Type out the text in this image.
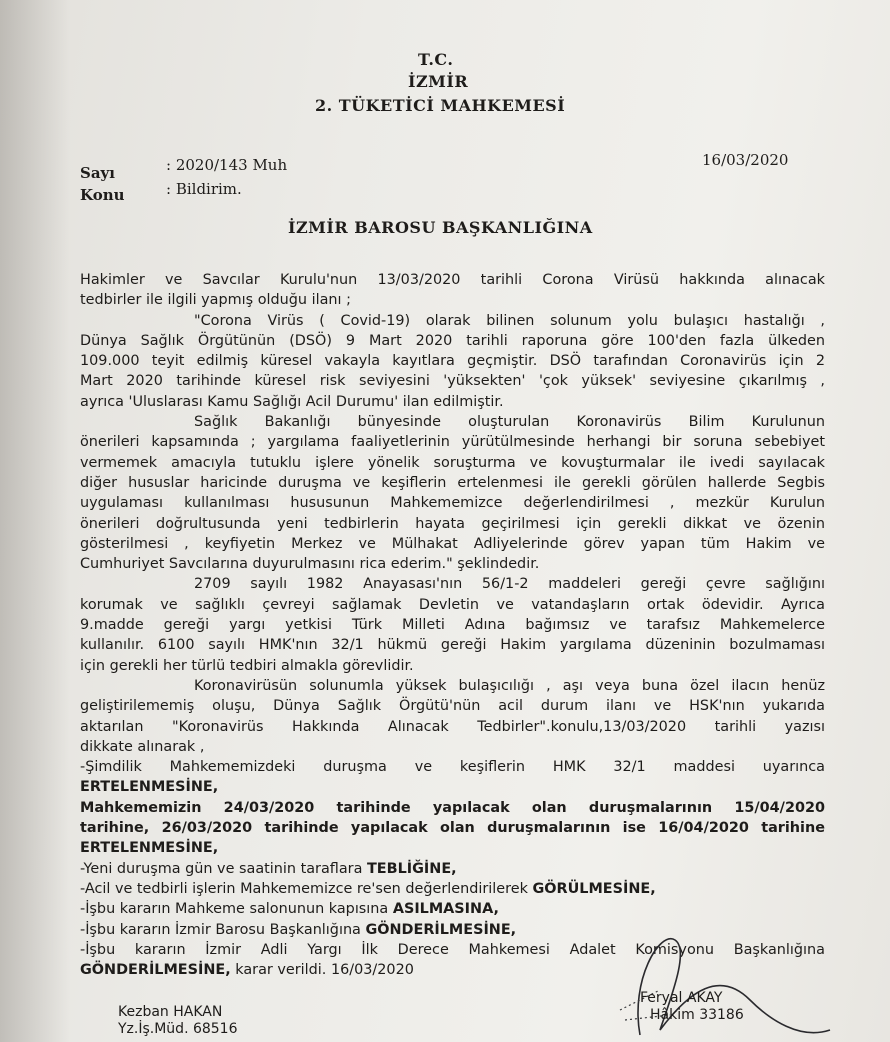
T.C.
İZMİR
2. TÜKETİCİ MAHKEMESİ
Sayı	: 2020/143 Muh
Konu	: Bildirim.
16/03/2020
İZMİR BAROSU BAŞKANLIĞINA
Hakimler ve Savcılar Kurulu'nun 13/03/2020 tarihli Corona Virüsü hakkında alınacak
tedbirler ile ilgili yapmış olduğu ilanı ;
"Corona Virüs ( Covid-19) olarak bilinen solunum yolu bulaşıcı hastalığı ,
Dünya Sağlık Örgütünün (DSÖ) 9 Mart 2020 tarihli raporuna göre 100'den fazla ülkeden
109.000 teyit edilmiş küresel vakayla kayıtlara geçmiştir. DSÖ tarafından Coronavirüs için 2
Mart 2020 tarihinde küresel risk seviyesini 'yüksekten' 'çok yüksek' seviyesine çıkarılmış ,
ayrıca 'Uluslarası Kamu Sağlığı Acil Durumu' ilan edilmiştir.
Sağlık Bakanlığı bünyesinde oluşturulan Koronavirüs Bilim Kurulunun
önerileri kapsamında ; yargılama faaliyetlerinin yürütülmesinde herhangi bir soruna sebebiyet
vermemek amacıyla tutuklu işlere yönelik soruşturma ve kovuşturmalar ile ivedi sayılacak
diğer hususlar haricinde duruşma ve keşiflerin ertelenmesi ile gerekli görülen hallerde Segbis
uygulaması kullanılması hususunun Mahkememizce değerlendirilmesi , mezkür Kurulun
önerileri doğrultusunda yeni tedbirlerin hayata geçirilmesi için gerekli dikkat ve özenin
gösterilmesi , keyfiyetin Merkez ve Mülhakat Adliyelerinde görev yapan tüm Hakim ve
Cumhuriyet Savcılarına duyurulmasını rica ederim." şeklindedir.
2709 sayılı 1982 Anayasası'nın 56/1-2 maddeleri gereği çevre sağlığını
korumak ve sağlıklı çevreyi sağlamak Devletin ve vatandaşların ortak ödevidir. Ayrıca
9.madde gereği yargı yetkisi Türk Milleti Adına bağımsız ve tarafsız Mahkemelerce
kullanılır. 6100 sayılı HMK'nın 32/1 hükmü gereği Hakim yargılama düzeninin bozulmaması
için gerekli her türlü tedbiri almakla görevlidir.
Koronavirüsün solunumla yüksek bulaşıcılığı , aşı veya buna özel ilacın henüz
geliştirilememiş oluşu, Dünya Sağlık Örgütü'nün acil durum ilanı ve HSK'nın yukarıda
aktarılan "Koronavirüs Hakkında Alınacak Tedbirler".konulu,13/03/2020 tarihli yazısı
dikkate alınarak ,
-Şimdilik Mahkememizdeki duruşma ve keşiflerin HMK 32/1 maddesi uyarınca
ERTELENMESİNE,
Mahkememizin 24/03/2020 tarihinde yapılacak olan duruşmalarının 15/04/2020
tarihine, 26/03/2020 tarihinde yapılacak olan duruşmalarının ise 16/04/2020 tarihine
ERTELENMESİNE,
-Yeni duruşma gün ve saatinin taraflara TEBLİĞİNE,
-Acil ve tedbirli işlerin Mahkememizce re'sen değerlendirilerek GÖRÜLMESİNE,
-İşbu kararın Mahkeme salonunun kapısına ASILMASINA,
-İşbu kararın İzmir Barosu Başkanlığına GÖNDERİLMESİNE,
-İşbu kararın İzmir Adli Yargı İlk Derece Mahkemesi Adalet Komisyonu Başkanlığına
GÖNDERİLMESİNE, karar verildi. 16/03/2020
Kezban HAKAN
Yz.İş.Müd. 68516
Feryal AKAY
Hâkim 33186
